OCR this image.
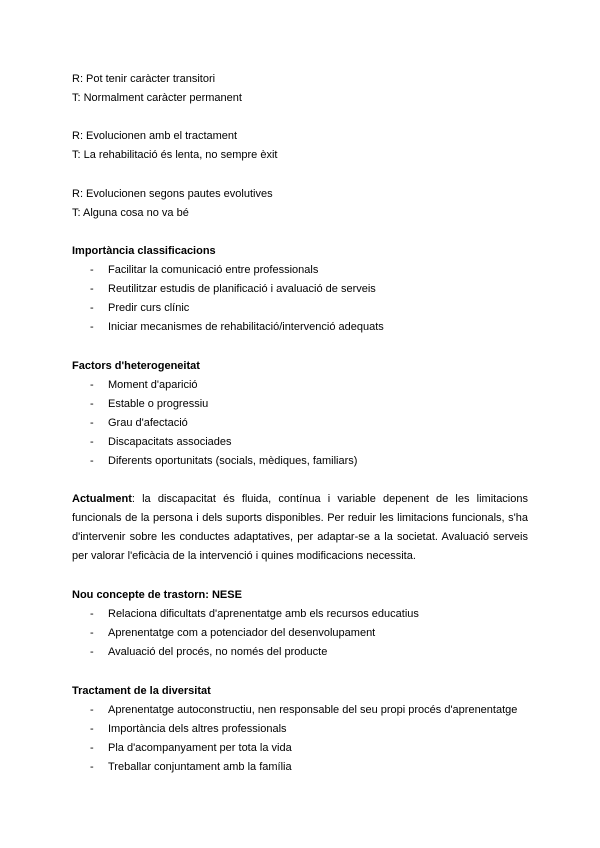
R: Pot tenir caràcter transitori
T: Normalment caràcter permanent
R: Evolucionen amb el tractament
T: La rehabilitació és lenta, no sempre èxit
R: Evolucionen segons pautes evolutives
T: Alguna cosa no va bé
Importància classificacions
- Facilitar la comunicació entre professionals
- Reutilitzar estudis de planificació i avaluació de serveis
- Predir curs clínic
- Iniciar mecanismes de rehabilitació/intervenció adequats
Factors d'heterogeneitat
- Moment d'aparició
- Estable o progressiu
- Grau d'afectació
- Discapacitats associades
- Diferents oportunitats (socials, mèdiques, familiars)
Actualment: la discapacitat és fluida, contínua i variable depenent de les limitacions funcionals de la persona i dels suports disponibles. Per reduir les limitacions funcionals, s'ha d'intervenir sobre les conductes adaptatives, per adaptar-se a la societat. Avaluació serveis per valorar l'eficàcia de la intervenció i quines modificacions necessita.
Nou concepte de trastorn: NESE
- Relaciona dificultats d'aprenentatge amb els recursos educatius
- Aprenentatge com a potenciador del desenvolupament
- Avaluació del procés, no només del producte
Tractament de la diversitat
- Aprenentatge autoconstructiu, nen responsable del seu propi procés d'aprenentatge
- Importància dels altres professionals
- Pla d'acompanyament per tota la vida
- Treballar conjuntament amb la família
